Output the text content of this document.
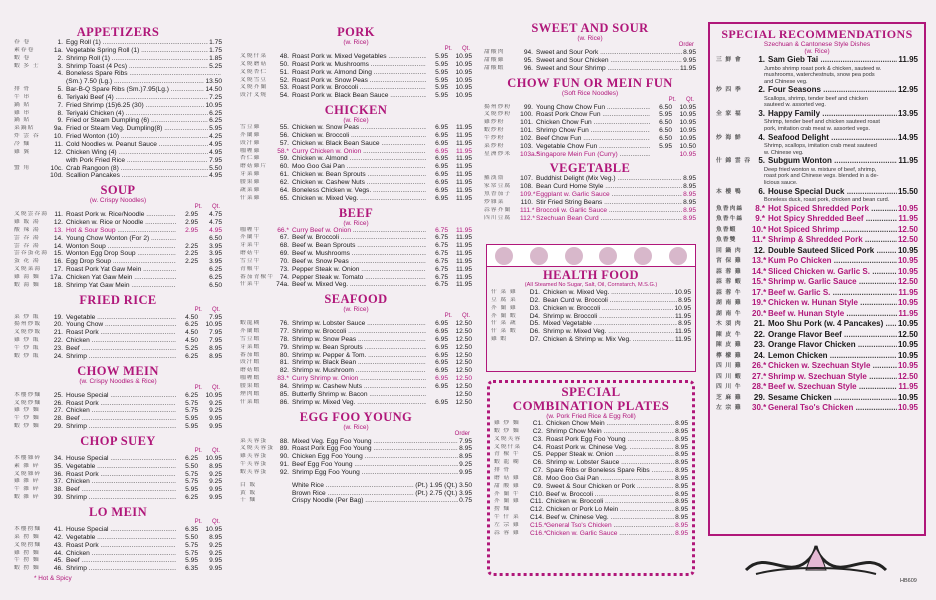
APPETIZERS
春 卷	1. Egg Roll (1) .....	1.75
素春卷	1a. Vegetable Spring Roll (1) .....	1.75
蝦 卷	2. Shrimp Roll (1) .....	1.85
蝦 多 士	3. Shrimp Toast (4 Pcs) .....	5.25
4. Boneless Spare Ribs .....
(Sm.) 7.50 (Lg.) .....	13.50
排 骨	5. Bar-B-Q Spare Ribs (Sm.)7.95(Lg.) .....	14.50
牛 串	6. Teriyaki Beef (4) .....	7.25
鍋 貼	7. Fried Shrimp (15)6.25 (30) .....	10.95
雞 串	8. Teriyaki Chicken (4) .....	6.25
鍋 貼	9. Fried or Steam Dumpling (6) .....	6.25
菜鍋貼	9a. Fried or Steam Veg. Dumpling(8) .....	5.95
炸 雲 吞	10. Fried Wonton (10) .....	4.25
冷 麵	11. Cold Noodles w. Peanut Sauce .....	4.95
雞 翼	12. Chicken Wing (4) .....	4.95
with Pork Fried Rice .....	7.95
蟹 角	10c. Crab Rangoon (8) .....	5.50
10d. Scallion Pancakes .....	4.95
SOUP
(w. Crispy Noodles)
Pt. Qt.
叉燒雲吞湯 11. Roast Pork w. Rice/Noodle .....	2.95	4.75
雞 飯 湯	12. Chicken w. Rice or Noodle .....	2.95	4.75
酸 辣 湯	13. Hot & Sour Soup .....	2.95	4.95
雲 吞 湯	14. Young Chow Wonton (For 2) .....	6.50
雲 吞 湯	14. Wonton Soup .....	2.25	3.95
雲吞蛋花湯 15. Wonton Egg Drop Soup .....	2.25	3.95
蛋 花 湯	16. Egg Drop Soup .....	2.25	3.95
叉燒菜湯	17. Roast Pork Yat Gaw Mein .....	6.25
雞 湯 麵	17a. Chicken Yat Gaw Mein .....	6.25
蝦 湯 麵	18. Shrimp Yat Gaw Mein .....	6.50
FRIED RICE
Pt. Qt.
菜 炒 飯	19. Vegetable .....	4.50	7.95
揚州炒飯	20. Young Chow .....	6.25	10.95
叉燒炒飯	21. Roast Pork .....	4.50	7.95
雞 炒 飯	22. Chicken .....	4.50	7.95
牛 炒 飯	23. Beef .....	5.25	8.95
蝦 炒 飯	24. Shrimp .....	6.25	8.95
CHOW MEIN
(w. Crispy Noodles & Rice)
Pt. Qt.
本樓炒麵	25. House Special .....	6.25	10.95
叉燒炒麵	26. Roast Pork .....	5.75	9.25
雞 炒 麵	27. Chicken .....	5.75	9.25
牛 炒 麵	28. Beef .....	5.95	9.95
蝦 炒 麵	29. Shrimp .....	5.95	9.95
CHOP SUEY
Pt. Qt.
本樓雜碎	34. House Special .....	6.25	10.95
素 雜 碎	35. Vegetable .....	5.50	8.95
叉燒雜碎	36. Roast Pork .....	5.75	9.25
雞 雜 碎	37. Chicken .....	5.75	9.25
牛 雜 碎	38. Beef .....	5.95	9.95
蝦 雜 碎	39. Shrimp .....	6.25	9.95
LO MEIN
Pt. Qt.
本樓撈麵	41. House Special .....	6.35	10.95
菜 撈 麵	42. Vegetable .....	5.50	8.95
叉燒撈麵	43. Roast Pork .....	5.75	9.25
雞 撈 麵	44. Chicken .....	5.75	9.25
牛 撈 麵	45. Beef .....	5.95	9.95
蝦 撈 麵	46. Shrimp .....	6.35	9.95
* Hot & Spicy
PORK
(w. Rice)
Pt. Qt.
叉燒什菜	48. Roast Pork w. Mixed Vegetables .....	5.95	10.95
叉燒蘑菇	50. Roast Pork w. Mushrooms .....	5.95	10.95
叉燒杏仁	51. Roast Pork w. Almond Ding .....	5.95	10.95
叉燒雪豆	52. Roast Pork w. Snow Peas .....	5.95	10.95
叉燒芥蘭	53. Roast Pork w. Broccoli .....	5.95	10.95
豉汁叉燒	54. Roast Pork w. Black Bean Sauce .....	5.95	10.95
CHICKEN
(w. Rice)
雪豆雞	55. Chicken w. Snow Peas .....	6.95	11.95
芥蘭雞	56. Chicken w. Broccoli .....	6.95	11.95
豉汁雞	57. Chicken w. Black Bean Sauce .....	6.95	11.95
咖喱雞	58.* Curry Chicken w. Onion .....	6.95	11.95
杏仁雞	59. Chicken w. Almond .....	6.95	11.95
蘑菇雞片	60. Moo Goo Gai Pan .....	6.95	11.95
芽菜雞	61. Chicken w. Bean Sprouts .....	6.95	11.95
腰果雞	62. Chicken w. Cashew Nuts .....	6.95	11.95
蔬菜雞	64. Boneless Chicken w. Vegs. .....	6.95	11.95
什菜雞	65. Chicken w. Mixed Veg. .....	6.95	11.95
BEEF
(w. Rice)
咖喱牛	66.* Curry Beef w. Onion .....	6.75	11.95
芥蘭牛	67. Beef w. Broccoli .....	6.75	11.95
芽菜牛	68. Beef w. Bean Sprouts .....	6.75	11.95
蘑菇牛	69. Beef w. Mushrooms .....	6.75	11.95
雪豆牛	70. Beef w. Snow Peas .....	6.75	11.95
青椒牛	73. Pepper Steak w. Onion .....	6.75	11.95
番茄青椒牛 74. Pepper Steak w. Tomato .....	6.75	11.95
什菜牛	74a. Beef w. Mixed Veg. .....	6.75	11.95
SEAFOOD
(w. Rice)
Pt. Qt.
蝦龍糊	76. Shrimp w. Lobster Sauce .....	6.95	12.50
芥蘭蝦	77. Shrimp w. Broccoli .....	6.95	12.50
雪豆蝦	78. Shrimp w. Snow Peas .....	6.95	12.50
芽菜蝦	79. Shrimp w. Bean Sprouts .....	6.95	12.50
番茄蝦	80. Shrimp w. Pepper & Tom. .....	6.95	12.50
豉汁蝦	81. Shrimp w. Black Bean .....	6.95	12.50
蘑菇蝦	82. Shrimp w. Mushroom .....	6.95	12.50
咖喱蝦	83.* Curry Shrimp w. Onion .....	6.95	12.50
腰果蝦	84. Shrimp w. Cashew Nuts .....	6.95	12.50
煙肉蝦	85. Butterfly Shrimp w. Bacon .....	12.50
什菜蝦	86. Shrimp w. Mixed Veg. .....	6.95	12.50
EGG FOO YOUNG
(w. Rice)
Order
菜芙蓉蛋	88. Mixed Veg. Egg Foo Young .....	7.95
叉燒芙蓉蛋 89. Roast Pork Egg Foo Young .....	8.95
雞芙蓉蛋	90. Chicken Egg Foo Young .....	8.95
牛芙蓉蛋	91. Beef Egg Foo Young .....	9.25
蝦芙蓉蛋	92. Shrimp Egg Foo Young .....	9.95
白 飯	White Rice .....	(Pt.) 1.95 (Qt.) 3.50
黃 飯	Brown Rice .....	(Pt.) 2.75 (Qt.) 3.95
干 麵	Crispy Noodle (Per Bag) .....	0.75
SWEET AND SOUR
(w. Rice)
Order
甜酸肉	94. Sweet and Sour Pork .....	8.95
甜酸雞	95. Sweet and Sour Chicken .....	9.95
甜酸蝦	96. Sweet and Sour Shrimp .....	11.95
CHOW FUN OR MEIN FUN
(Soft Rice Noodles)
Pt. Qt.
揚州炒粉	99. Young Chow Chow Fun .....	6.50	10.95
叉燒炒粉	100. Roast Pork Chow Fun .....	5.95	10.95
雞炒粉	101. Chicken Chow Fun .....	6.50	10.95
蝦炒粉	101. Shrimp Chow Fun .....	6.50	10.95
牛炒粉	102. Beef Chow Fun .....	6.50	10.95
菜炒粉	103. Vegetable Chow Fun .....	5.95	10.50
星洲炒米	103a.*
Singapore Mein Fun (Curry) .....	10.95
VEGETABLE
羅漢齋	107. Buddhist Delight (Mix Veg.) .....	8.95
家常豆腐	108. Bean Curd Home Style .....	8.95
魚香茄子	109.* Eggplant w. Garlic Sauce .....	8.95
炒雜菜	110. Stir Fried String Beans .....	8.95
蒜蓉芥蘭	111.* Broccoli w. Garlic Sauce .....	8.95
四川豆腐	112.* Szechuan Bean Curd .....	8.95
HEALTH FOOD
(All Steamed No Sugar, Salt, Oil, Cornstarch, M.S.G.)
什 菜 雞	D1. Chicken w. Mixed Veg. .....	10.95
豆 腐 菜	D2. Bean Curd w. Broccoli .....	8.95
芥 蘭 雞	D3. Chicken w. Broccoli .....	10.95
芥 蘭 蝦	D4. Shrimp w. Broccoli .....	11.95
什 菜 蔬	D5. Mixed Vegetable .....	8.95
什 菜 蝦	D6. Shrimp w. Mixed Veg. .....	11.95
雞 蝦	D7. Chicken & Shrimp w. Mix Veg. .....	11.95
SPECIAL
COMBINATION PLATES
(w. Pork Fried Rice & Egg Roll)
雞 炒 麵	C1. Chicken Chow Mein .....	8.95
蝦 炒 麵	C2. Shrimp Chow Mein .....	8.95
叉燒芙蓉	C3. Roast Pork Egg Foo Young .....	8.95
叉燒什菜	C4. Roast Pork w. Chinese Veg. .....	8.95
青 椒 牛	C5. Pepper Steak w. Onion .....	8.95
蝦 龍 糊	C6. Shrimp w. Lobster Sauce .....	8.95
排 骨	C7. Spare Ribs or Boneless Spare Ribs .....	8.95
蘑 菇 雞	C8. Moo Goo Gai Pan .....	8.95
甜 酸 雞	C9. Sweet & Sour Chicken or Pork .....	8.95
芥 蘭 牛	C10. Beef w. Broccoli .....	8.95
芥 蘭 雞	C11. Chicken w. Broccoli .....	8.95
撈 麵	C12. Chicken or Pork Lo Mein .....	8.95
牛 什 菜	C14. Beef w. Chinese Veg. .....	8.95
左 宗 雞	C15.* General Tso's Chicken .....	8.95
蒜 蓉 雞	C16.* Chicken w. Garlic Sauce .....	8.95
SPECIAL RECOMMENDATIONS
Szechuan & Cantonese Style Dishes
(w. Rice)
三 鮮 會	1. Sam Gieb Tai .....	11.95
Jumbo shrimp roast pork & chicken, sauteed w.
mushrooms, waterchestnuts, snow pea pods
and Chinese veg.
炒 四 季	2. Four Seasons .....	12.95
Scallops, shrimp, tender beef and chicken
sauteed w. assorted veg.
全 家 福	3. Happy Family .....	13.95
Shrimp, tender beef and chicken sauteed roast
pork, imitation crab meat w. assorted vegs.
炒 海 鮮	4. Seafood Delight .....	14.95
Shrimp, scallops, imitation crab meat sauteed
w. Chinese veg.
什 錦 雲 吞 5. Subgum Wonton .....	11.95
Deep fried wonton w. mixture of beef, shrimp,
roast pork and Chinese vegs. blended in a de-
licious sauce.
本 樓 鴨	6. House Special Duck .....	15.50
Boneless duck, roast pork, chicken and bean curd.
魚香肉絲	8.* Hot Spiced Shredded Pork .....	10.95
魚香牛絲	9.* Hot Spicy Shredded Beef .....	11.95
魚香蝦	10.* Hot Spiced Shrimp .....	12.50
魚香雙	11.* Shrimp & Shredded Pork .....	12.50
回 鍋 肉	12. Double Sauteed Sliced Pork .....	10.95
宮 保 雞	13.* Kum Po Chicken .....	10.95
蒜 蓉 雞	14.* Sliced Chicken w. Garlic S. .....	10.95
蒜 蓉 蝦	15.* Shrimp w. Garlic Sauce .....	12.50
蒜 蓉 牛	17.* Beef w. Garlic S. .....	11.95
湖 南 雞	19.* Chicken w. Hunan Style .....	10.95
湖 南 牛	20.* Beef w. Hunan Style .....	11.95
木 須 肉	21. Moo Shu Pork (w. 4 Pancakes) .....	10.95
陳 皮 牛	22. Orange Flavor Beef .....	12.50
陳 皮 雞	23. Orange Flavor Chicken .....	10.95
檸 檬 雞	24. Lemon Chicken .....	10.95
四 川 雞	26.* Chicken w. Szechuan Style .....	10.95
四 川 蝦	27.* Shrimp w. Szechuan Style .....	12.50
四 川 牛	28.* Beef w. Szechuan Style .....	11.95
芝 麻 雞	29. Sesame Chicken .....	10.95
左 宗 雞	30.* General Tso's Chicken .....	10.95
HB609
